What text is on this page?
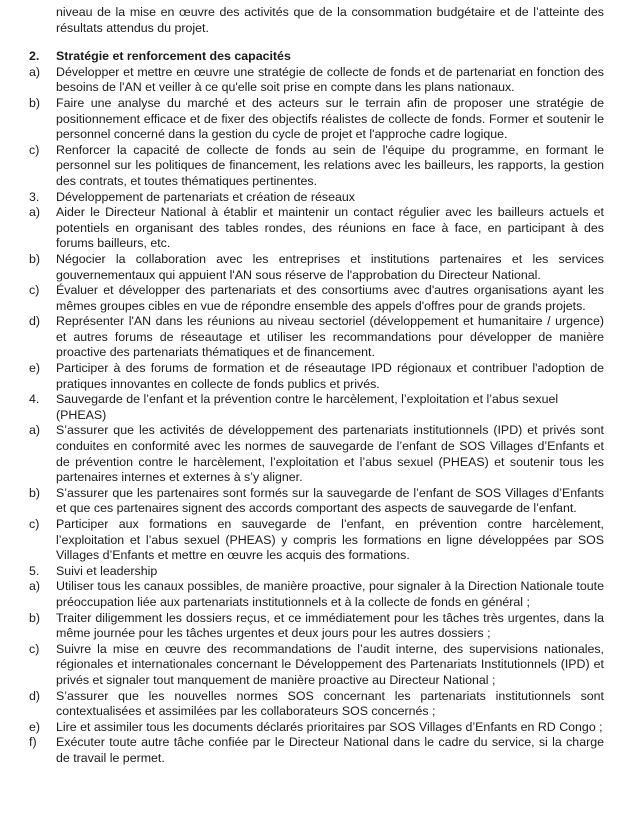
niveau de la mise en œuvre des activités que de la consommation budgétaire et de l’atteinte des résultats attendus du projet.

2.	Stratégie et renforcement des capacités
a)	Développer et mettre en œuvre une stratégie de collecte de fonds et de partenariat en fonction des besoins de l'AN et veiller à ce qu'elle soit prise en compte dans les plans nationaux.
b)	Faire une analyse du marché et des acteurs sur le terrain afin de proposer une stratégie de positionnement efficace et de fixer des objectifs réalistes de collecte de fonds. Former et soutenir le personnel concerné dans la gestion du cycle de projet et l'approche cadre logique.
c)	Renforcer la capacité de collecte de fonds au sein de l'équipe du programme, en formant le personnel sur les politiques de financement, les relations avec les bailleurs, les rapports, la gestion des contrats, et toutes thématiques pertinentes.
3.	Développement de partenariats et création de réseaux
a)	Aider le Directeur National à établir et maintenir un contact régulier avec les bailleurs actuels et potentiels en organisant des tables rondes, des réunions en face à face, en participant à des forums bailleurs, etc.
b)	Négocier la collaboration avec les entreprises et institutions partenaires et les services gouvernementaux qui appuient l'AN sous réserve de l'approbation du Directeur National.
c)	Évaluer et développer des partenariats et des consortiums avec d'autres organisations ayant les mêmes groupes cibles en vue de répondre ensemble des appels d'offres pour de grands projets.
d)	Représenter l'AN dans les réunions au niveau sectoriel (développement et humanitaire / urgence) et autres forums de réseautage et utiliser les recommandations pour développer de manière proactive des partenariats thématiques et de financement.
e)	Participer à des forums de formation et de réseautage IPD régionaux et contribuer l'adoption de pratiques innovantes en collecte de fonds publics et privés.
4.	Sauvegarde de l’enfant et la prévention contre le harcèlement, l’exploitation et l’abus sexuel (PHEAS)
a)	S’assurer que les activités de développement des partenariats institutionnels (IPD) et privés sont conduites en conformité avec les normes de sauvegarde de l’enfant de SOS Villages d’Enfants et de prévention contre le harcèlement, l’exploitation et l’abus sexuel (PHEAS) et soutenir tous les partenaires internes et externes à s’y aligner.
b)	S’assurer que les partenaires sont formés sur la sauvegarde de l’enfant de SOS Villages d’Enfants et que ces partenaires signent des accords comportant des aspects de sauvegarde de l’enfant.
c)	Participer aux formations en sauvegarde de l’enfant, en prévention contre harcèlement, l’exploitation et l’abus sexuel (PHEAS) y compris les formations en ligne développées par SOS Villages d’Enfants et mettre en œuvre les acquis des formations.
5.	Suivi et leadership
a)	Utiliser tous les canaux possibles, de manière proactive, pour signaler à la Direction Nationale toute préoccupation liée aux partenariats institutionnels et à la collecte de fonds en général ;
b)	Traiter diligemment les dossiers reçus, et ce immédiatement pour les tâches très urgentes, dans la même journée pour les tâches urgentes et deux jours pour les autres dossiers ;
c)	Suivre la mise en œuvre des recommandations de l’audit interne, des supervisions nationales, régionales et internationales concernant le Développement des Partenariats Institutionnels (IPD) et privés et signaler tout manquement de manière proactive au Directeur National ;
d)	S’assurer que les nouvelles normes SOS concernant les partenariats institutionnels sont contextualisées et assimilées par les collaborateurs SOS concernés ;
e)	Lire et assimiler tous les documents déclarés prioritaires par SOS Villages d’Enfants en RD Congo ;
f)	Exécuter toute autre tâche confiée par le Directeur National dans le cadre du service, si la charge de travail le permet.
